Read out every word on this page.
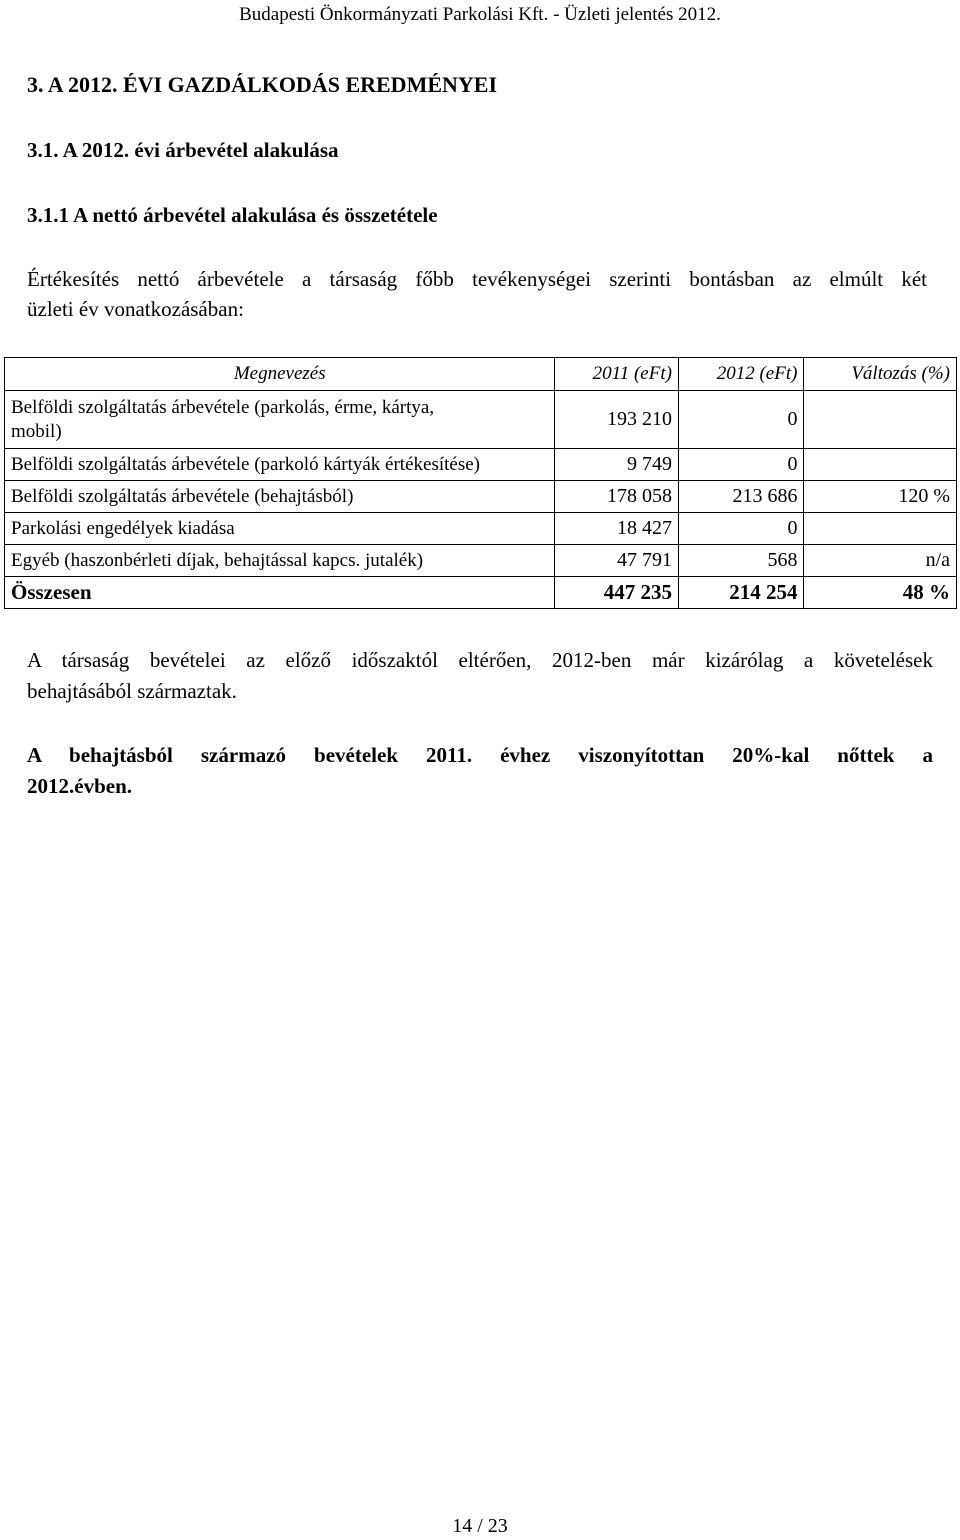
Budapesti Önkormányzati Parkolási Kft. - Üzleti jelentés 2012.
3. A 2012. ÉVI GAZDÁLKODÁS EREDMÉNYEI
3.1. A 2012. évi árbevétel alakulása
3.1.1 A nettó árbevétel alakulása és összetétele
Értékesítés nettó árbevétele a társaság főbb tevékenységei szerinti bontásban az elmúlt két
üzleti év vonatkozásában:
Megnevezés	2011 (eFt)	2012 (eFt)	Változás (%)
Belföldi szolgáltatás árbevétele (parkolás, érme, kártya,
mobil)	193 210	0	
Belföldi szolgáltatás árbevétele (parkoló kártyák értékesítése)	9 749	0	
Belföldi szolgáltatás árbevétele (behajtásból)	178 058	213 686	120 %
Parkolási engedélyek kiadása	18 427	0	
Egyéb (haszonbérleti díjak, behajtással kapcs. jutalék)	47 791	568	n/a
Összesen	447 235	214 254	48 %
A társaság bevételei az előző időszaktól eltérően, 2012-ben már kizárólag a követelések
behajtásából származtak.
A behajtásból származó bevételek 2011. évhez viszonyítottan 20%-kal nőttek a
2012.évben.
14 / 23
